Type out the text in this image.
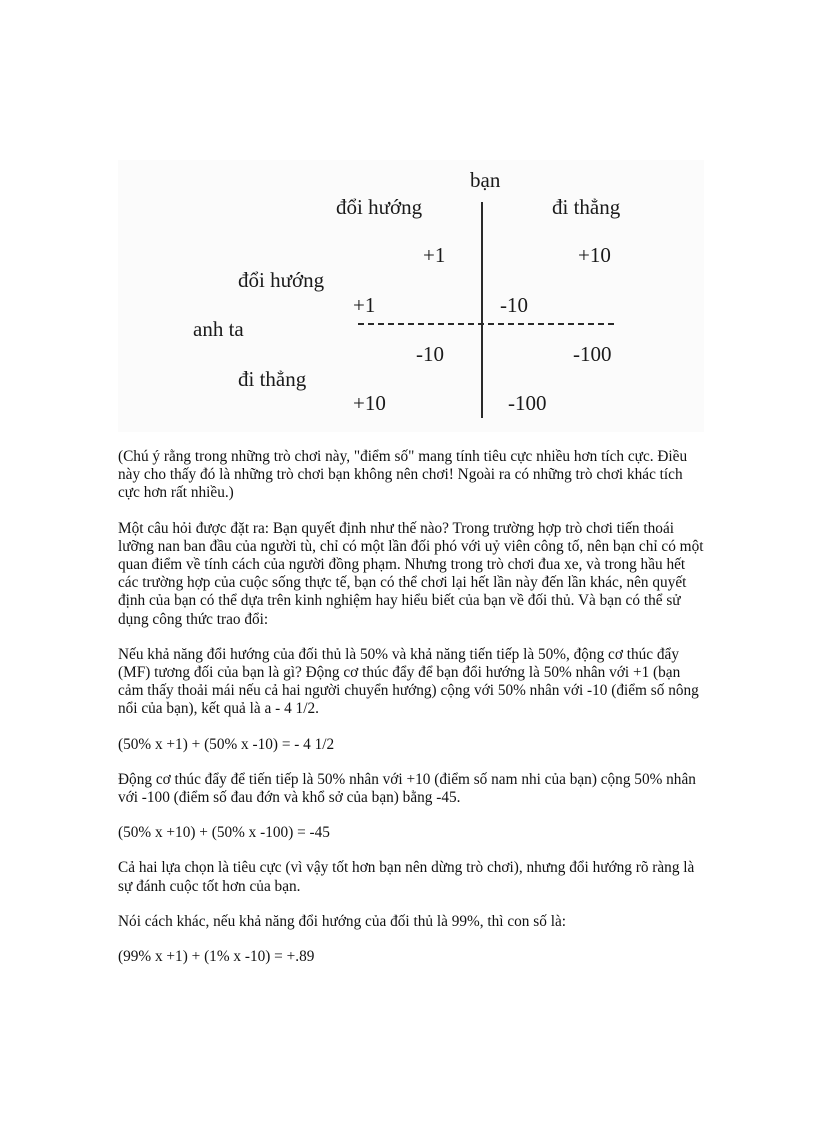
bạn
đổi hướng	đi thẳng
+1	+10
đổi hướng
+1	-10
anh ta
-10	-100
đi thẳng
+10	-100

(Chú ý rằng trong những trò chơi này, "điểm số" mang tính tiêu cực nhiều hơn tích cực. Điều này cho thấy đó là những trò chơi bạn không nên chơi! Ngoài ra có những trò chơi khác tích cực hơn rất nhiều.)

Một câu hỏi được đặt ra: Bạn quyết định như thế nào? Trong trường hợp trò chơi tiến thoái lưỡng nan ban đầu của người tù, chỉ có một lần đối phó với uỷ viên công tố, nên bạn chỉ có một quan điểm về tính cách của người đồng phạm. Nhưng trong trò chơi đua xe, và trong hầu hết các trường hợp của cuộc sống thực tế, bạn có thể chơi lại hết lần này đến lần khác, nên quyết định của bạn có thể dựa trên kinh nghiệm hay hiểu biết của bạn về đối thủ. Và bạn có thể sử dụng công thức trao đổi:

Nếu khả năng đổi hướng của đối thủ là 50% và khả năng tiến tiếp là 50%, động cơ thúc đẩy (MF) tương đối của bạn là gì? Động cơ thúc đẩy để bạn đổi hướng là 50% nhân với +1 (bạn cảm thấy thoải mái nếu cả hai người chuyển hướng) cộng với 50% nhân với -10 (điểm số nông nổi của bạn), kết quả là a - 4 1/2.

(50% x +1) + (50% x -10) = - 4 1/2

Động cơ thúc đẩy để tiến tiếp là 50% nhân với +10 (điểm số nam nhi của bạn) cộng 50% nhân với -100 (điểm số đau đớn và khổ sở của bạn) bằng -45.

(50% x +10) + (50% x -100) = -45

Cả hai lựa chọn là tiêu cực (vì vậy tốt hơn bạn nên dừng trò chơi), nhưng đổi hướng rõ ràng là sự đánh cuộc tốt hơn của bạn.

Nói cách khác, nếu khả năng đổi hướng của đối thủ là 99%, thì con số là:

(99% x +1) + (1% x -10) = +.89
